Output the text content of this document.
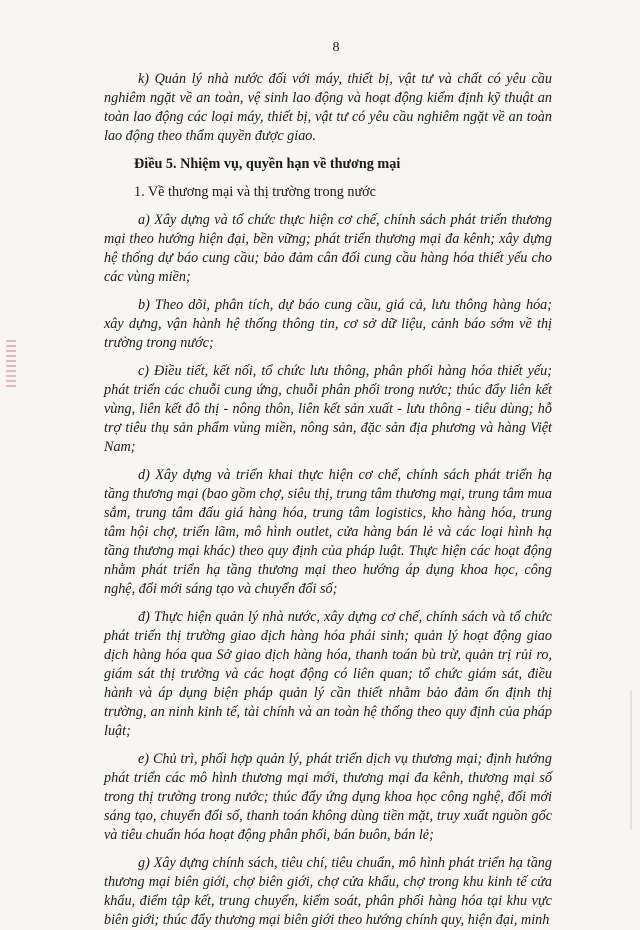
8

k) Quản lý nhà nước đối với máy, thiết bị, vật tư và chất có yêu cầu nghiêm ngặt về an toàn, vệ sinh lao động và hoạt động kiểm định kỹ thuật an toàn lao động các loại máy, thiết bị, vật tư có yêu cầu nghiêm ngặt về an toàn lao động theo thẩm quyền được giao.

Điều 5. Nhiệm vụ, quyền hạn về thương mại

1. Về thương mại và thị trường trong nước

a) Xây dựng và tổ chức thực hiện cơ chế, chính sách phát triển thương mại theo hướng hiện đại, bền vững; phát triển thương mại đa kênh; xây dựng hệ thống dự báo cung cầu; bảo đảm cân đối cung cầu hàng hóa thiết yếu cho các vùng miền;

b) Theo dõi, phân tích, dự báo cung cầu, giá cả, lưu thông hàng hóa; xây dựng, vận hành hệ thống thông tin, cơ sở dữ liệu, cảnh báo sớm về thị trường trong nước;

c) Điều tiết, kết nối, tổ chức lưu thông, phân phối hàng hóa thiết yếu; phát triển các chuỗi cung ứng, chuỗi phân phối trong nước; thúc đẩy liên kết vùng, liên kết đô thị - nông thôn, liên kết sản xuất - lưu thông - tiêu dùng; hỗ trợ tiêu thụ sản phẩm vùng miền, nông sản, đặc sản địa phương và hàng Việt Nam;

d) Xây dựng và triển khai thực hiện cơ chế, chính sách phát triển hạ tầng thương mại (bao gồm chợ, siêu thị, trung tâm thương mại, trung tâm mua sắm, trung tâm đấu giá hàng hóa, trung tâm logistics, kho hàng hóa, trung tâm hội chợ, triển lãm, mô hình outlet, cửa hàng bán lẻ và các loại hình hạ tầng thương mại khác) theo quy định của pháp luật. Thực hiện các hoạt động nhằm phát triển hạ tầng thương mại theo hướng áp dụng khoa học, công nghệ, đổi mới sáng tạo và chuyển đổi số;

đ) Thực hiện quản lý nhà nước, xây dựng cơ chế, chính sách và tổ chức phát triển thị trường giao dịch hàng hóa phái sinh; quản lý hoạt động giao dịch hàng hóa qua Sở giao dịch hàng hóa, thanh toán bù trừ, quản trị rủi ro, giám sát thị trường và các hoạt động có liên quan; tổ chức giám sát, điều hành và áp dụng biện pháp quản lý cần thiết nhằm bảo đảm ổn định thị trường, an ninh kinh tế, tài chính và an toàn hệ thống theo quy định của pháp luật;

e) Chủ trì, phối hợp quản lý, phát triển dịch vụ thương mại; định hướng phát triển các mô hình thương mại mới, thương mại đa kênh, thương mại số trong thị trường trong nước; thúc đẩy ứng dụng khoa học công nghệ, đổi mới sáng tạo, chuyển đổi số, thanh toán không dùng tiền mặt, truy xuất nguồn gốc và tiêu chuẩn hóa hoạt động phân phối, bán buôn, bán lẻ;

g) Xây dựng chính sách, tiêu chí, tiêu chuẩn, mô hình phát triển hạ tầng thương mại biên giới, chợ biên giới, chợ cửa khẩu, chợ trong khu kinh tế cửa khẩu, điểm tập kết, trung chuyển, kiểm soát, phân phối hàng hóa tại khu vực biên giới; thúc đẩy thương mại biên giới theo hướng chính quy, hiện đại, minh
